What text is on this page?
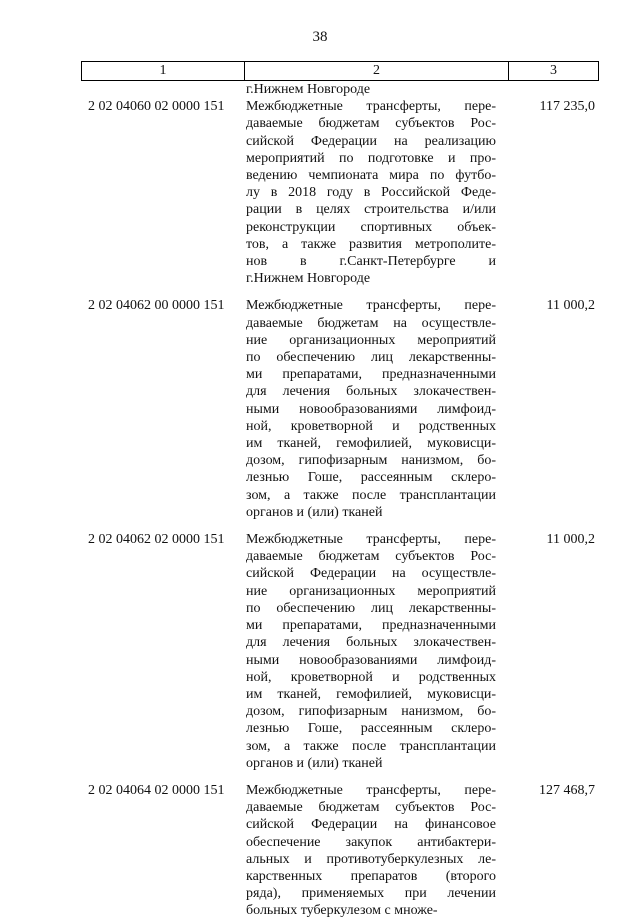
38
1	2	3
г.Нижнем Новгороде
2 02 04060 02 0000 151	Межбюджетные трансферты, пере-
даваемые бюджетам субъектов Рос-
сийской Федерации на реализацию
мероприятий по подготовке и про-
ведению чемпионата мира по футбо-
лу в 2018 году в Российской Феде-
рации в целях строительства и/или
реконструкции спортивных объек-
тов, а также развития метрополите-
нов в г.Санкт-Петербурге и
г.Нижнем Новгороде
117 235,0
2 02 04062 00 0000 151	Межбюджетные трансферты, пере-
даваемые бюджетам на осуществле-
ние организационных мероприятий
по обеспечению лиц лекарственны-
ми препаратами, предназначенными
для лечения больных злокачествен-
ными новообразованиями лимфоид-
ной, кроветворной и родственных
им тканей, гемофилией, муковисци-
дозом, гипофизарным нанизмом, бо-
лезнью Гоше, рассеянным склеро-
зом, а также после трансплантации
органов и (или) тканей
11 000,2
2 02 04062 02 0000 151	Межбюджетные трансферты, пере-
даваемые бюджетам субъектов Рос-
сийской Федерации на осуществле-
ние организационных мероприятий
по обеспечению лиц лекарственны-
ми препаратами, предназначенными
для лечения больных злокачествен-
ными новообразованиями лимфоид-
ной, кроветворной и родственных
им тканей, гемофилией, муковисци-
дозом, гипофизарным нанизмом, бо-
лезнью Гоше, рассеянным склеро-
зом, а также после трансплантации
органов и (или) тканей
11 000,2
2 02 04064 02 0000 151	Межбюджетные трансферты, пере-
даваемые бюджетам субъектов Рос-
сийской Федерации на финансовое
обеспечение закупок антибактери-
альных и противотуберкулезных ле-
карственных препаратов (второго
ряда), применяемых при лечении
больных туберкулезом с множе-
127 468,7
